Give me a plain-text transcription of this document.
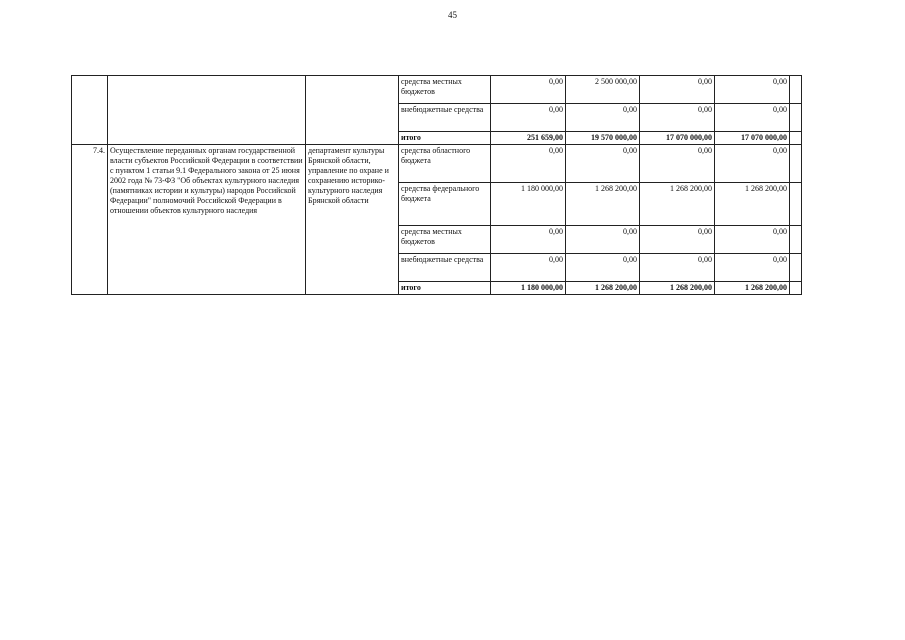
45
			средства местных бюджетов	0,00	2 500 000,00	0,00	0,00	
			внебюджетные средства	0,00	0,00	0,00	0,00	
			итого	251 659,00	19 570 000,00	17 070 000,00	17 070 000,00	
7.4.	Осуществление переданных органам государственной власти субъектов Российской Федерации в соответствии с пунктом 1 статьи 9.1 Федерального закона от 25 июня 2002 года № 73-ФЗ "Об объектах культурного наследия (памятниках истории и культуры) народов Российской Федерации" полномочий Российской Федерации в отношении объектов культурного наследия	департамент культуры Брянской области, управление по охране и сохранению историко-культурного наследия Брянской области	средства областного бюджета	0,00	0,00	0,00	0,00	
			средства федерального бюджета	1 180 000,00	1 268 200,00	1 268 200,00	1 268 200,00	
			средства местных бюджетов	0,00	0,00	0,00	0,00	
			внебюджетные средства	0,00	0,00	0,00	0,00	
			итого	1 180 000,00	1 268 200,00	1 268 200,00	1 268 200,00	
